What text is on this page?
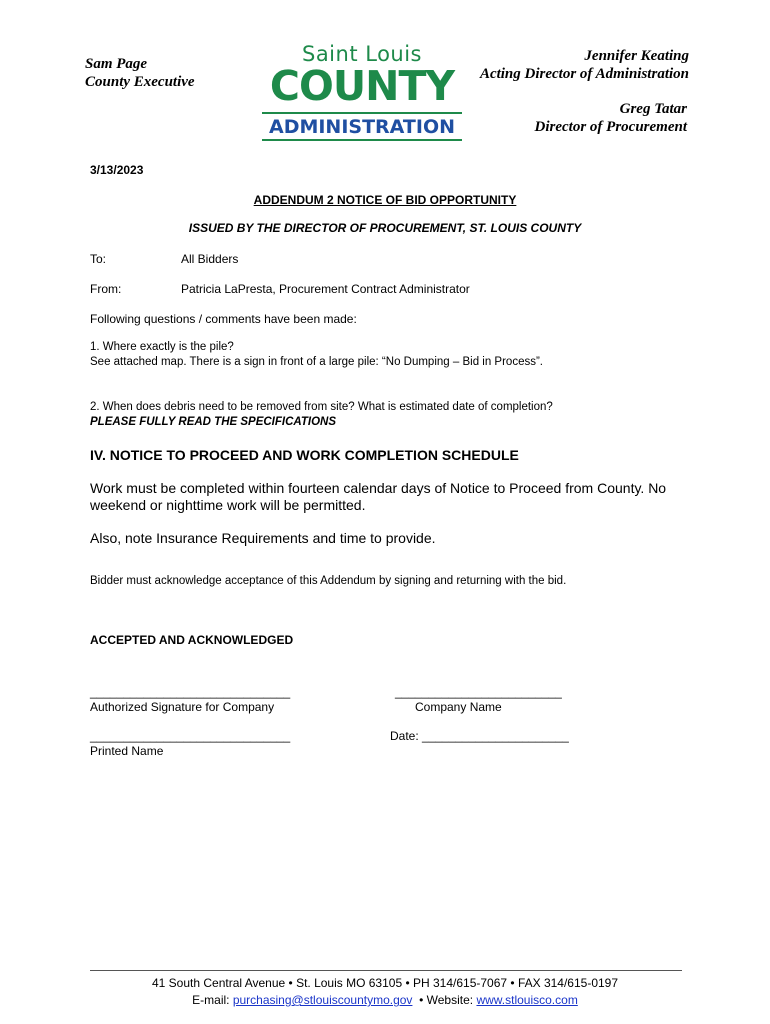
Sam Page
County Executive
Saint Louis
COUNTY
ADMINISTRATION
Jennifer Keating
Acting Director of Administration
Greg Tatar
Director of Procurement
3/13/2023
ADDENDUM 2 NOTICE OF BID OPPORTUNITY
ISSUED BY THE DIRECTOR OF PROCUREMENT, ST. LOUIS COUNTY
To:	All Bidders
From:	Patricia LaPresta, Procurement Contract Administrator
Following questions / comments have been made:
1. Where exactly is the pile?
See attached map. There is a sign in front of a large pile: “No Dumping – Bid in Process”.
2. When does debris need to be removed from site? What is estimated date of completion?
PLEASE FULLY READ THE SPECIFICATIONS
IV. NOTICE TO PROCEED AND WORK COMPLETION SCHEDULE
Work must be completed within fourteen calendar days of Notice to Proceed from County. No
weekend or nighttime work will be permitted.
Also, note Insurance Requirements and time to provide.
Bidder must acknowledge acceptance of this Addendum by signing and returning with the bid.
ACCEPTED AND ACKNOWLEDGED
______________________________
Authorized Signature for Company
_________________________
Company Name
______________________________
Printed Name
Date: ______________________
41 South Central Avenue • St. Louis MO 63105 • PH 314/615-7067 • FAX 314/615-0197
E-mail: purchasing@stlouiscountymo.gov  • Website: www.stlouisco.com
